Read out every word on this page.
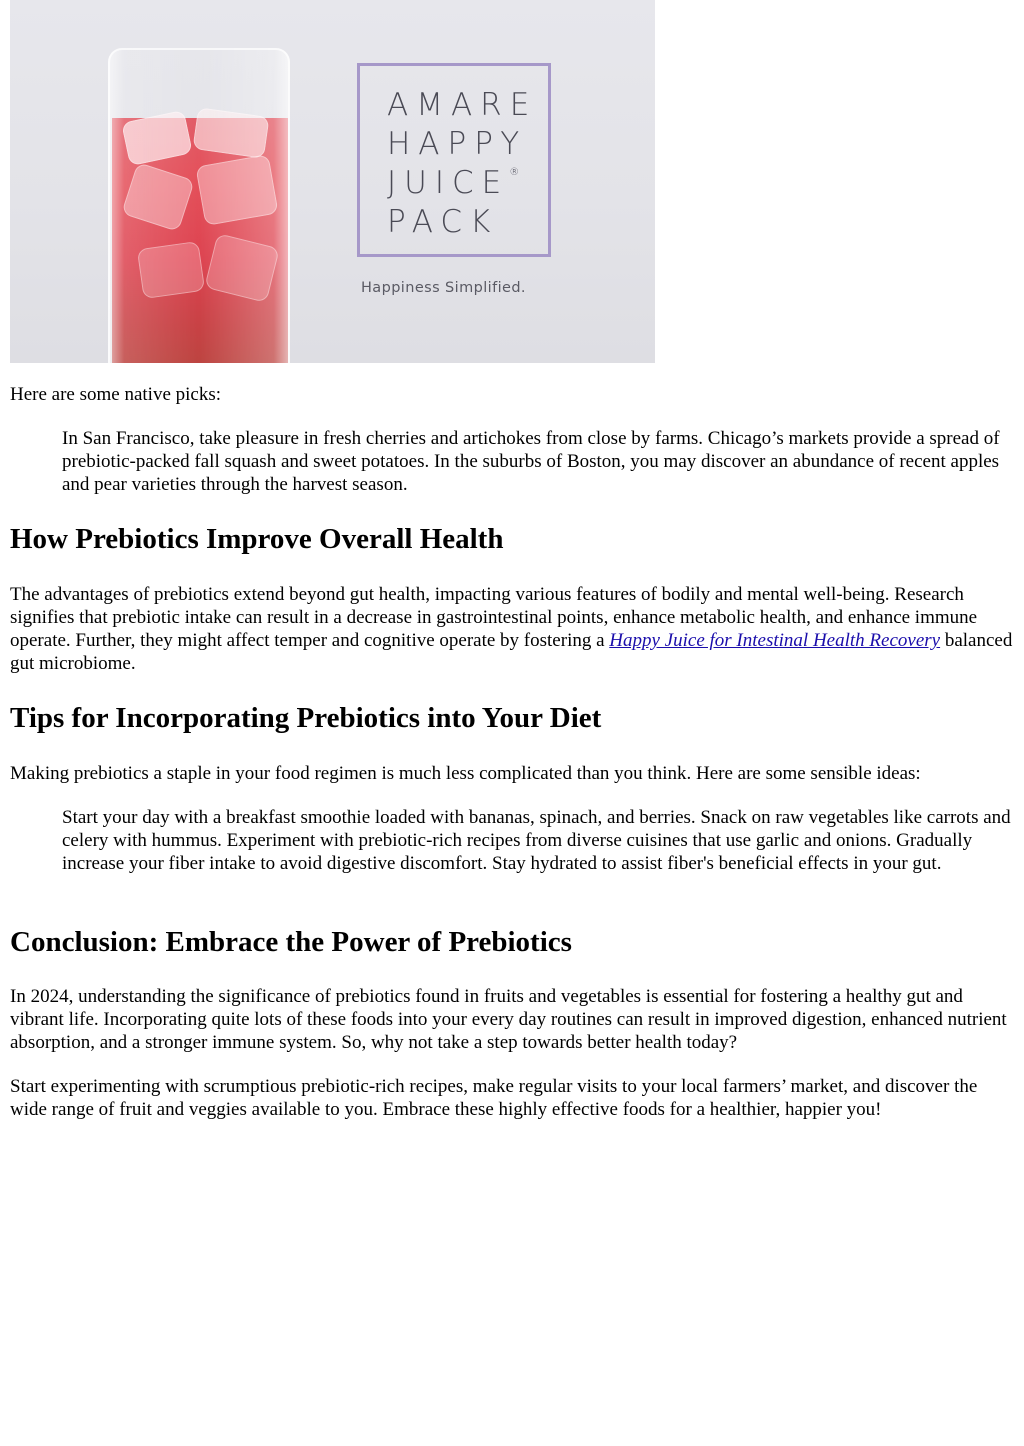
AMARE
HAPPY
JUICE®
PACK
Happiness Simplified.

Here are some native picks:

In San Francisco, take pleasure in fresh cherries and artichokes from close by farms. Chicago’s markets provide a spread of prebiotic-packed fall squash and sweet potatoes. In the suburbs of Boston, you may discover an abundance of recent apples and pear varieties through the harvest season.

How Prebiotics Improve Overall Health

The advantages of prebiotics extend beyond gut health, impacting various features of bodily and mental well-being. Research signifies that prebiotic intake can result in a decrease in gastrointestinal points, enhance metabolic health, and enhance immune operate. Further, they might affect temper and cognitive operate by fostering a Happy Juice for Intestinal Health Recovery balanced gut microbiome.

Tips for Incorporating Prebiotics into Your Diet

Making prebiotics a staple in your food regimen is much less complicated than you think. Here are some sensible ideas:

Start your day with a breakfast smoothie loaded with bananas, spinach, and berries. Snack on raw vegetables like carrots and celery with hummus. Experiment with prebiotic-rich recipes from diverse cuisines that use garlic and onions. Gradually increase your fiber intake to avoid digestive discomfort. Stay hydrated to assist fiber's beneficial effects in your gut.

Conclusion: Embrace the Power of Prebiotics

In 2024, understanding the significance of prebiotics found in fruits and vegetables is essential for fostering a healthy gut and vibrant life. Incorporating quite lots of these foods into your every day routines can result in improved digestion, enhanced nutrient absorption, and a stronger immune system. So, why not take a step towards better health today?

Start experimenting with scrumptious prebiotic-rich recipes, make regular visits to your local farmers’ market, and discover the wide range of fruit and veggies available to you. Embrace these highly effective foods for a healthier, happier you!
